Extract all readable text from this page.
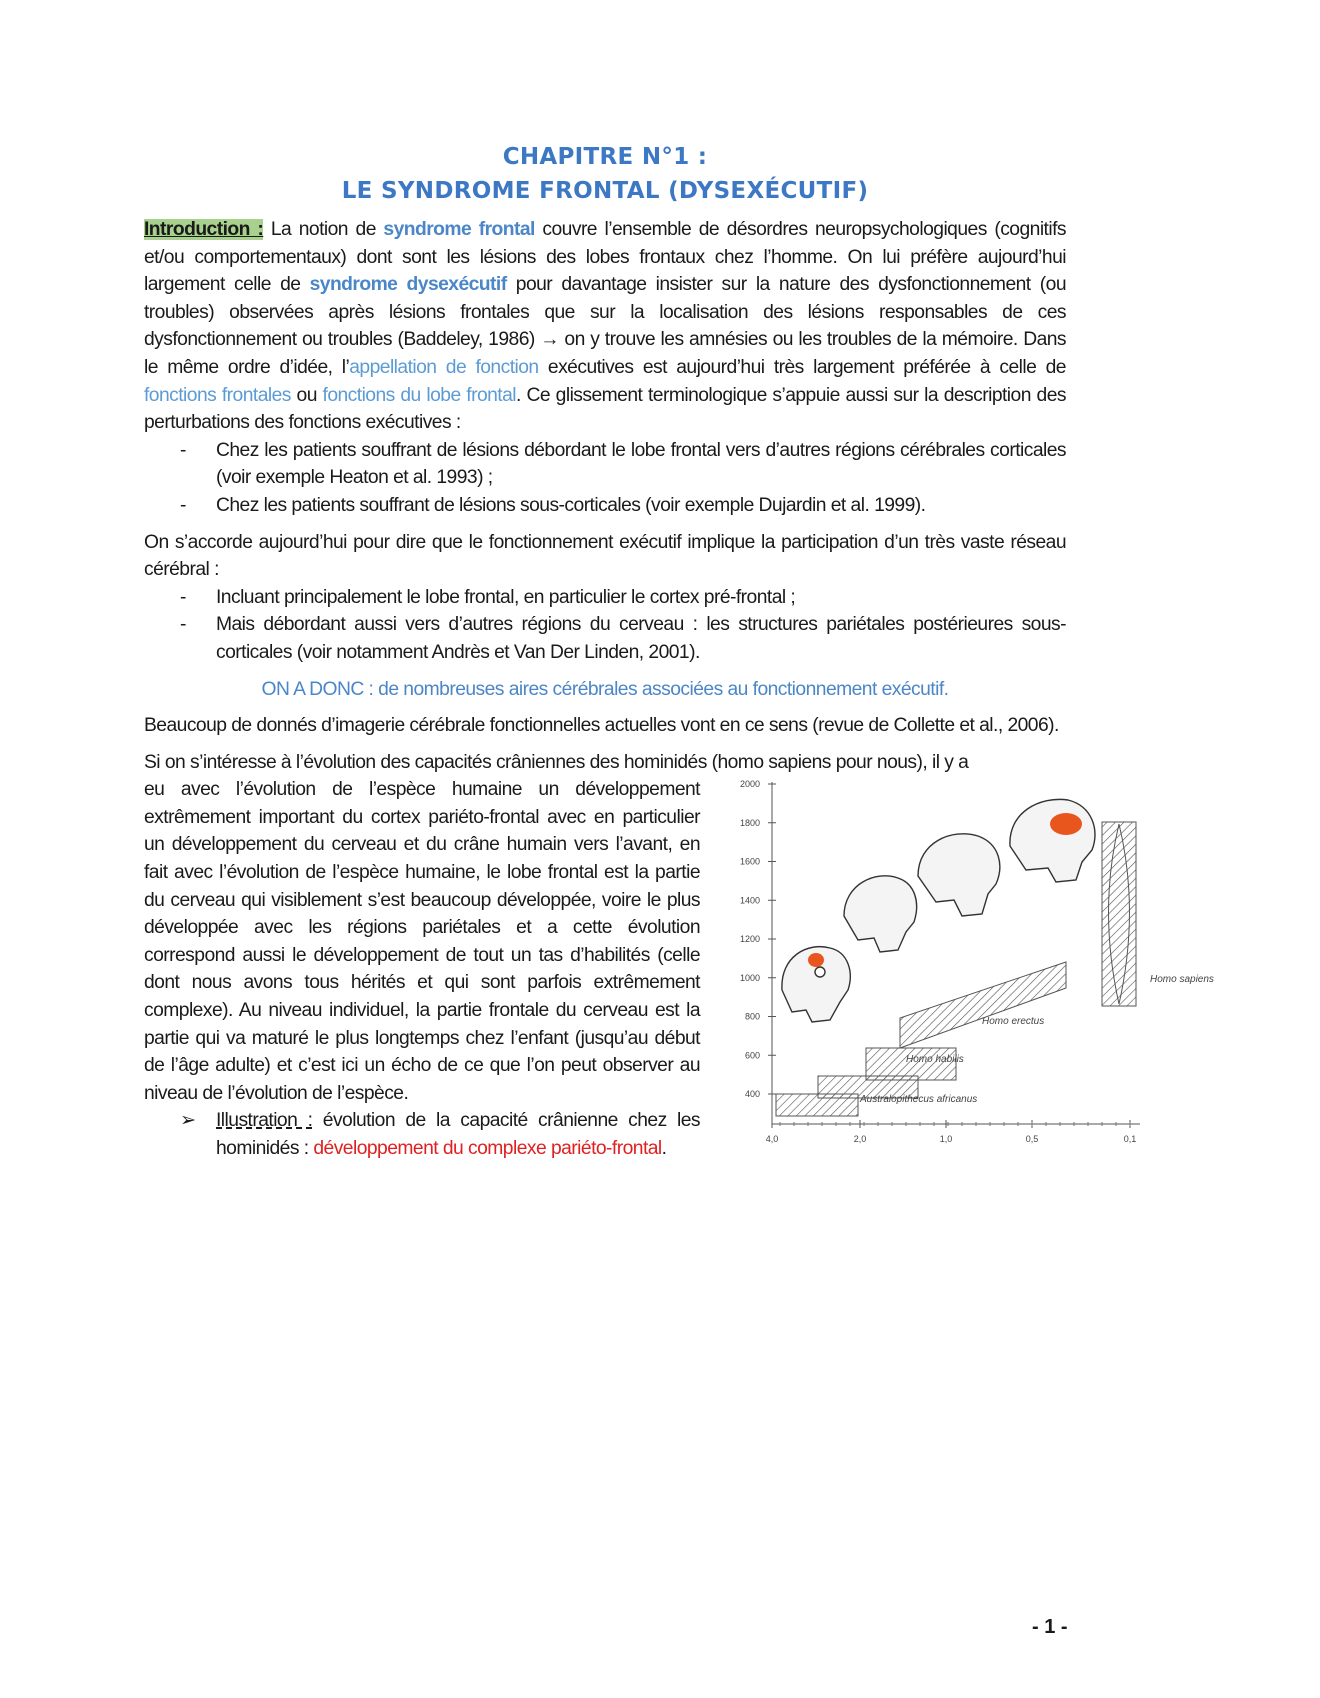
CHAPITRE N°1 :
LE SYNDROME FRONTAL (DYSEXÉCUTIF)

Introduction : La notion de syndrome frontal couvre l’ensemble de désordres neuropsychologiques (cognitifs et/ou comportementaux) dont sont les lésions des lobes frontaux chez l’homme. On lui préfère aujourd’hui largement celle de syndrome dysexécutif pour davantage insister sur la nature des dysfonctionnement (ou troubles) observées après lésions frontales que sur la localisation des lésions responsables de ces dysfonctionnement ou troubles (Baddeley, 1986) → on y trouve les amnésies ou les troubles de la mémoire. Dans le même ordre d’idée, l’appellation de fonction exécutives est aujourd’hui très largement préférée à celle de fonctions frontales ou fonctions du lobe frontal. Ce glissement terminologique s’appuie aussi sur la description des perturbations des fonctions exécutives :

- Chez les patients souffrant de lésions débordant le lobe frontal vers d’autres régions cérébrales corticales (voir exemple Heaton et al. 1993) ;
- Chez les patients souffrant de lésions sous-corticales (voir exemple Dujardin et al. 1999).

On s’accorde aujourd’hui pour dire que le fonctionnement exécutif implique la participation d’un très vaste réseau cérébral :

- Incluant principalement le lobe frontal, en particulier le cortex pré-frontal ;
- Mais débordant aussi vers d’autres régions du cerveau : les structures pariétales postérieures sous-corticales (voir notamment Andrès et Van Der Linden, 2001).

ON A DONC : de nombreuses aires cérébrales associées au fonctionnement exécutif.

Beaucoup de donnés d’imagerie cérébrale fonctionnelles actuelles vont en ce sens (revue de Collette et al., 2006).

Si on s’intéresse à l’évolution des capacités crâniennes des hominidés (homo sapiens pour nous), il y a

eu avec l’évolution de l’espèce humaine un développement extrêmement important du cortex pariéto-frontal avec en particulier un développement du cerveau et du crâne humain vers l’avant, en fait avec l’évolution de l’espèce humaine, le lobe frontal est la partie du cerveau qui visiblement s’est beaucoup développée, voire le plus développée avec les régions pariétales et a cette évolution correspond aussi le développement de tout un tas d’habilités (celle dont nous avons tous hérités et qui sont parfois extrêmement complexe). Au niveau individuel, la partie frontale du cerveau est la partie qui va maturé le plus longtemps chez l’enfant (jusqu’au début de l’âge adulte) et c’est ici un écho de ce que l’on peut observer au niveau de l’évolution de l’espèce.

➢ Illustration : évolution de la capacité crânienne chez les hominidés : développement du complexe pariéto-frontal.

2000
1800
1600
1400
1200
1000
800
600
400
4,0	2,0	1,0	0,5	0,1
Homo sapiens
Homo erectus
Homo habilis
Australopithecus africanus
- 1 -
